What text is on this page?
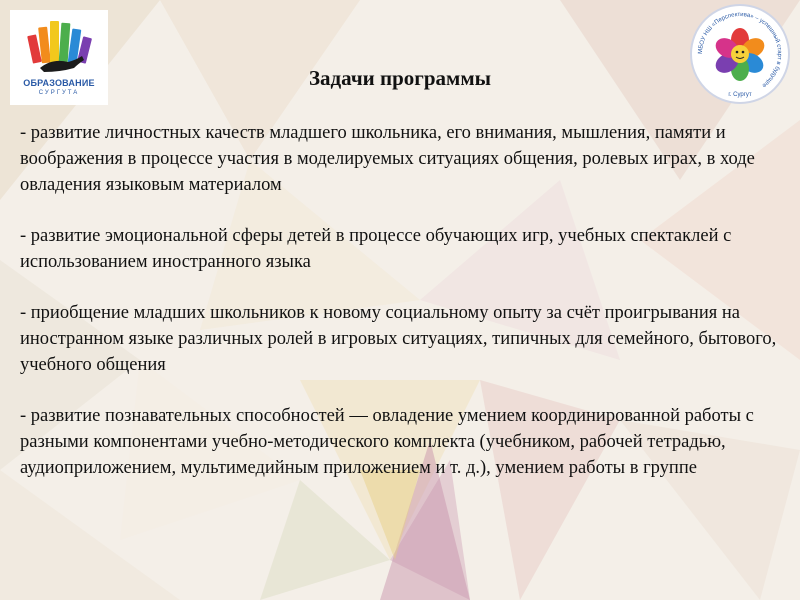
ОБРАЗОВАНИЕ
СУРГУТА
МБОУ НШ «Перспектива» – успешный старт в будущее
г. Сургут
Задачи программы

- развитие личностных качеств младшего школьника, его внимания, мышления, памяти и воображения в процессе участия в моделируемых ситуациях общения, ролевых играх, в ходе овладения языковым материалом

- развитие эмоциональной сферы детей в процессе обучающих игр, учебных спектаклей с использованием иностранного языка

- приобщение младших школьников к новому социальному опыту за счёт проигрывания на иностранном языке различных ролей в игровых ситуациях, типичных для семейного, бытового, учебного общения

- развитие познавательных способностей — овладение умением координированной работы с разными компонентами учебно-методического комплекта (учебником, рабочей тетрадью, аудиоприложением, мультимедийным приложением и т. д.), умением работы в группе
